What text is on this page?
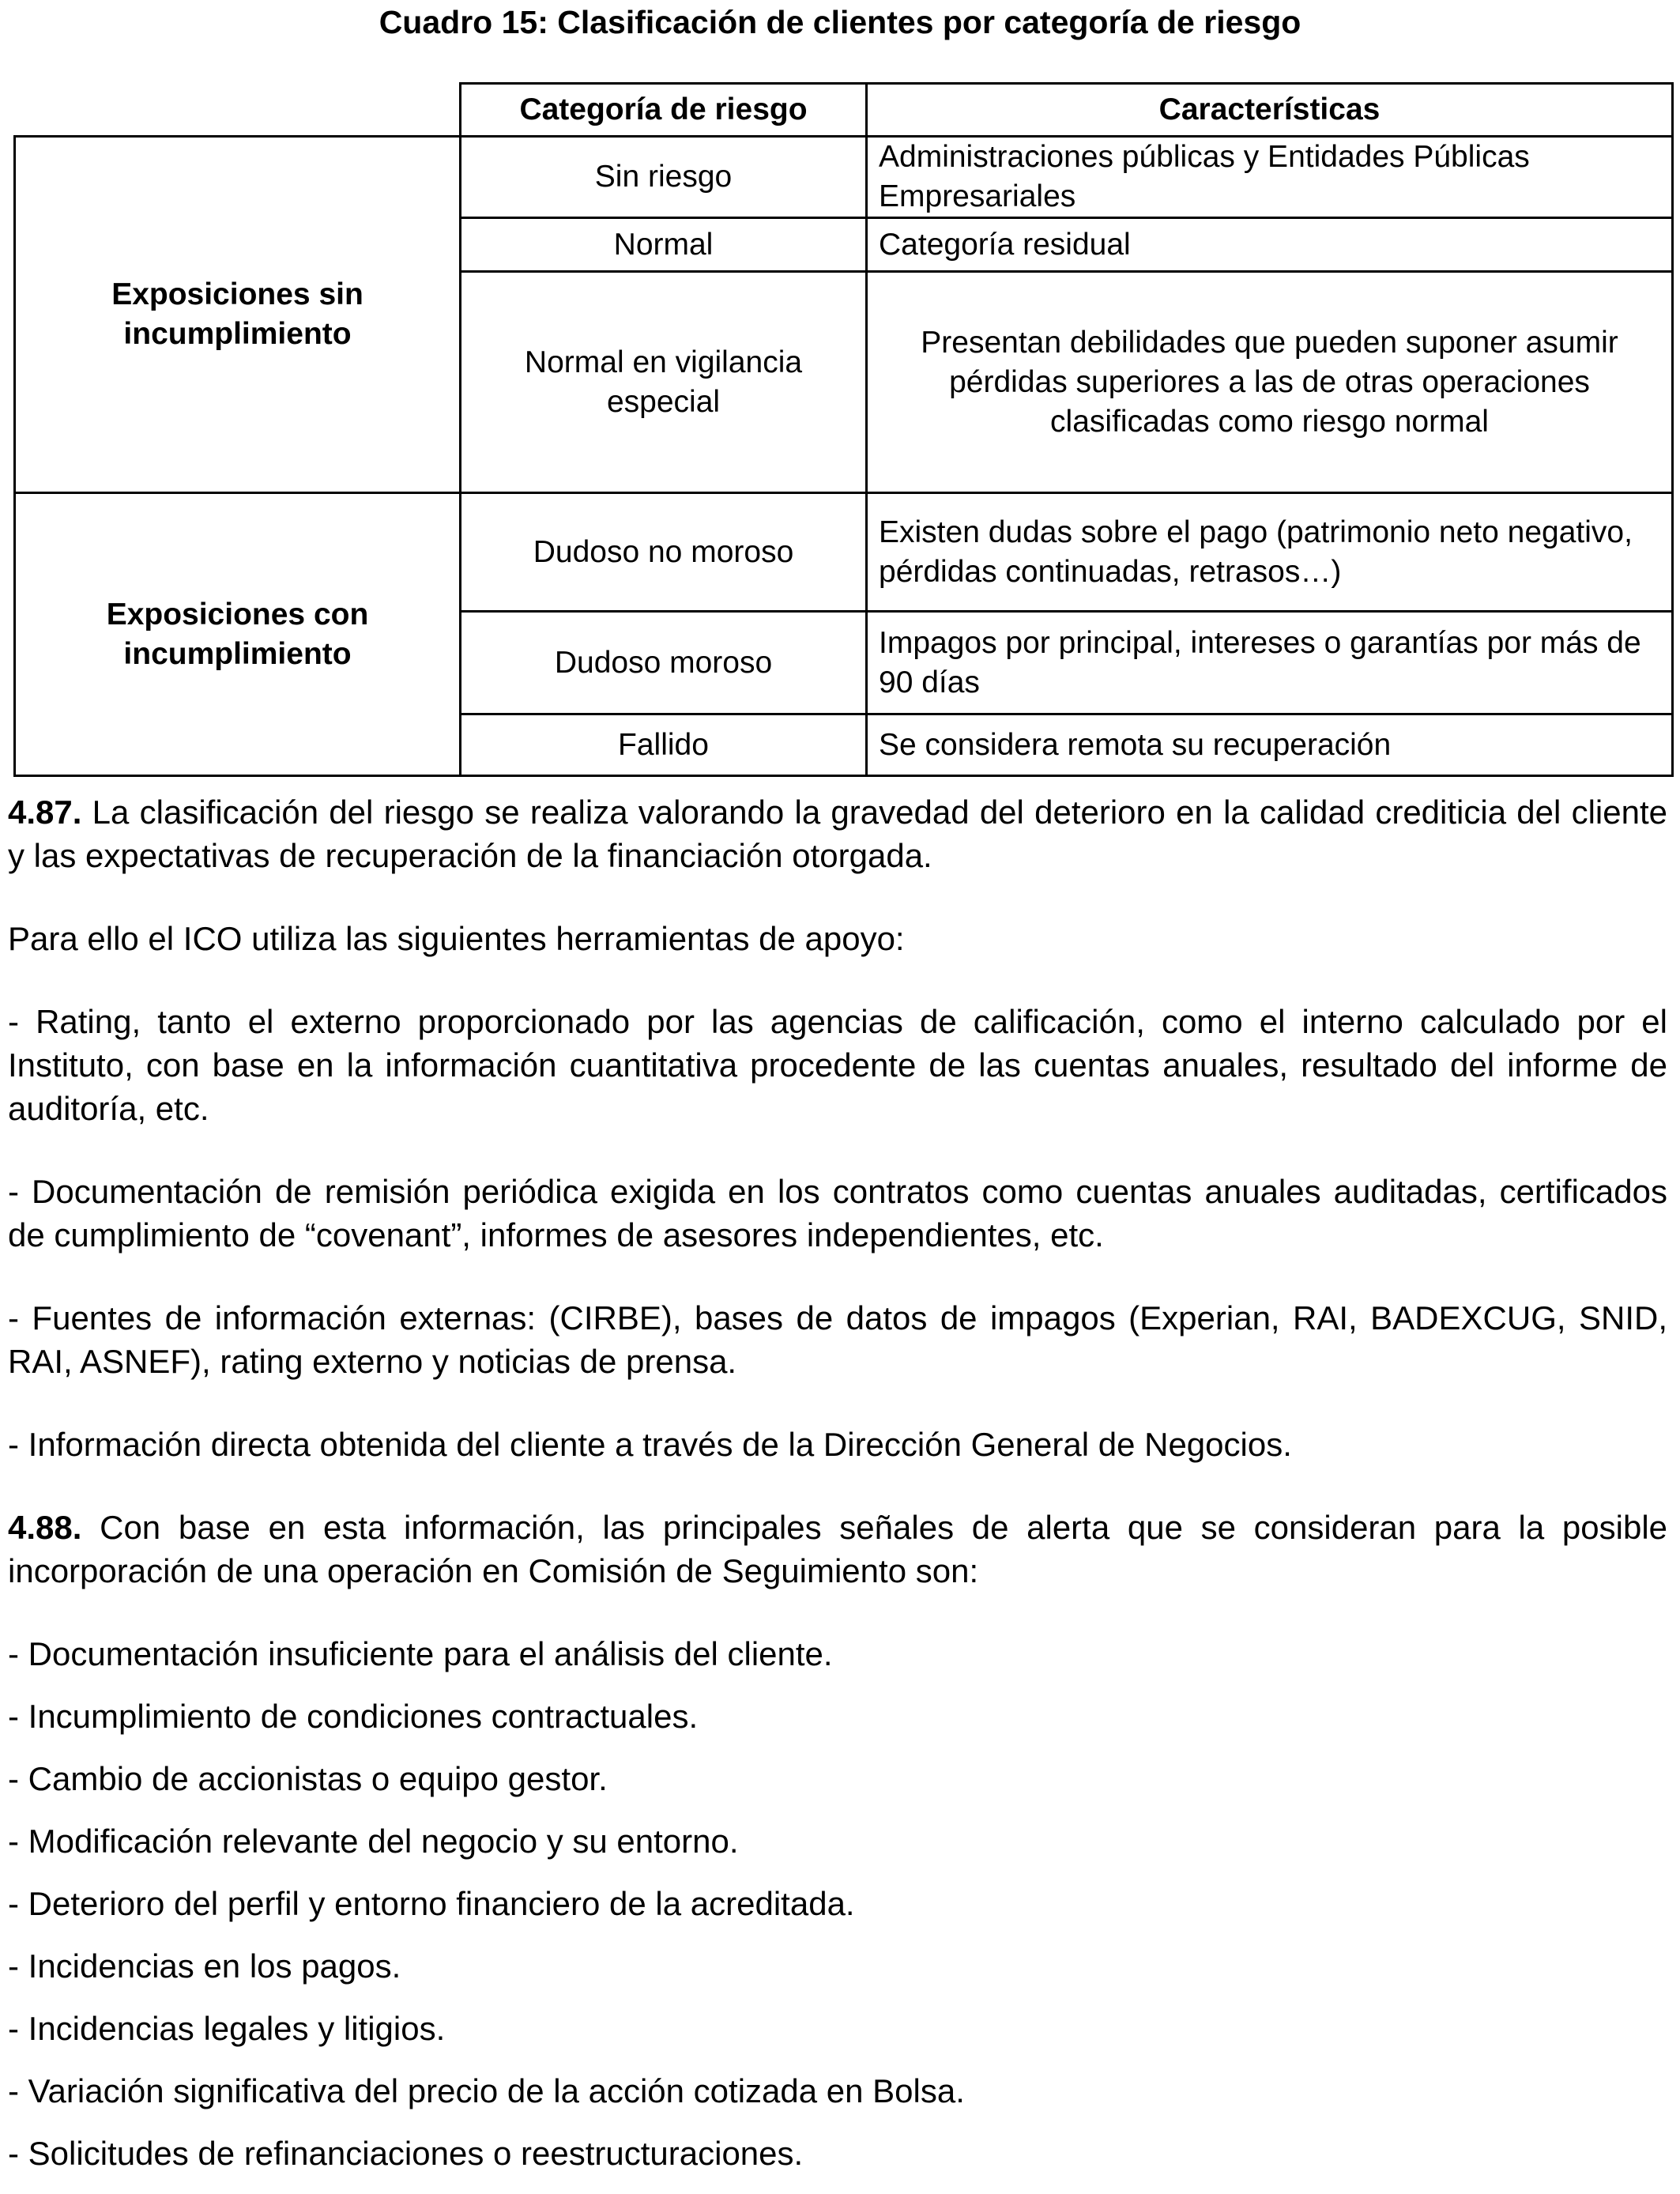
Cuadro 15: Clasificación de clientes por categoría de riesgo
	Categoría de riesgo	Características
Exposiciones sin incumplimiento	Sin riesgo	Administraciones públicas y Entidades Públicas Empresariales
	Normal	Categoría residual
	Normal en vigilancia especial	Presentan debilidades que pueden suponer asumir pérdidas superiores a las de otras operaciones clasificadas como riesgo normal
Exposiciones con incumplimiento	Dudoso no moroso	Existen dudas sobre el pago (patrimonio neto negativo, pérdidas continuadas, retrasos…)
	Dudoso moroso	Impagos por principal, intereses o garantías por más de 90 días
	Fallido	Se considera remota su recuperación

4.87. La clasificación del riesgo se realiza valorando la gravedad del deterioro en la calidad crediticia del cliente y las expectativas de recuperación de la financiación otorgada.

Para ello el ICO utiliza las siguientes herramientas de apoyo:

- Rating, tanto el externo proporcionado por las agencias de calificación, como el interno calculado por el Instituto, con base en la información cuantitativa procedente de las cuentas anuales, resultado del informe de auditoría, etc.

- Documentación de remisión periódica exigida en los contratos como cuentas anuales auditadas, certificados de cumplimiento de “covenant”, informes de asesores independientes, etc.

- Fuentes de información externas: (CIRBE), bases de datos de impagos (Experian, RAI, BADEXCUG, SNID, RAI, ASNEF), rating externo y noticias de prensa.

- Información directa obtenida del cliente a través de la Dirección General de Negocios.

4.88. Con base en esta información, las principales señales de alerta que se consideran para la posible incorporación de una operación en Comisión de Seguimiento son:

- Documentación insuficiente para el análisis del cliente.
- Incumplimiento de condiciones contractuales.
- Cambio de accionistas o equipo gestor.
- Modificación relevante del negocio y su entorno.
- Deterioro del perfil y entorno financiero de la acreditada.
- Incidencias en los pagos.
- Incidencias legales y litigios.
- Variación significativa del precio de la acción cotizada en Bolsa.
- Solicitudes de refinanciaciones o reestructuraciones.
